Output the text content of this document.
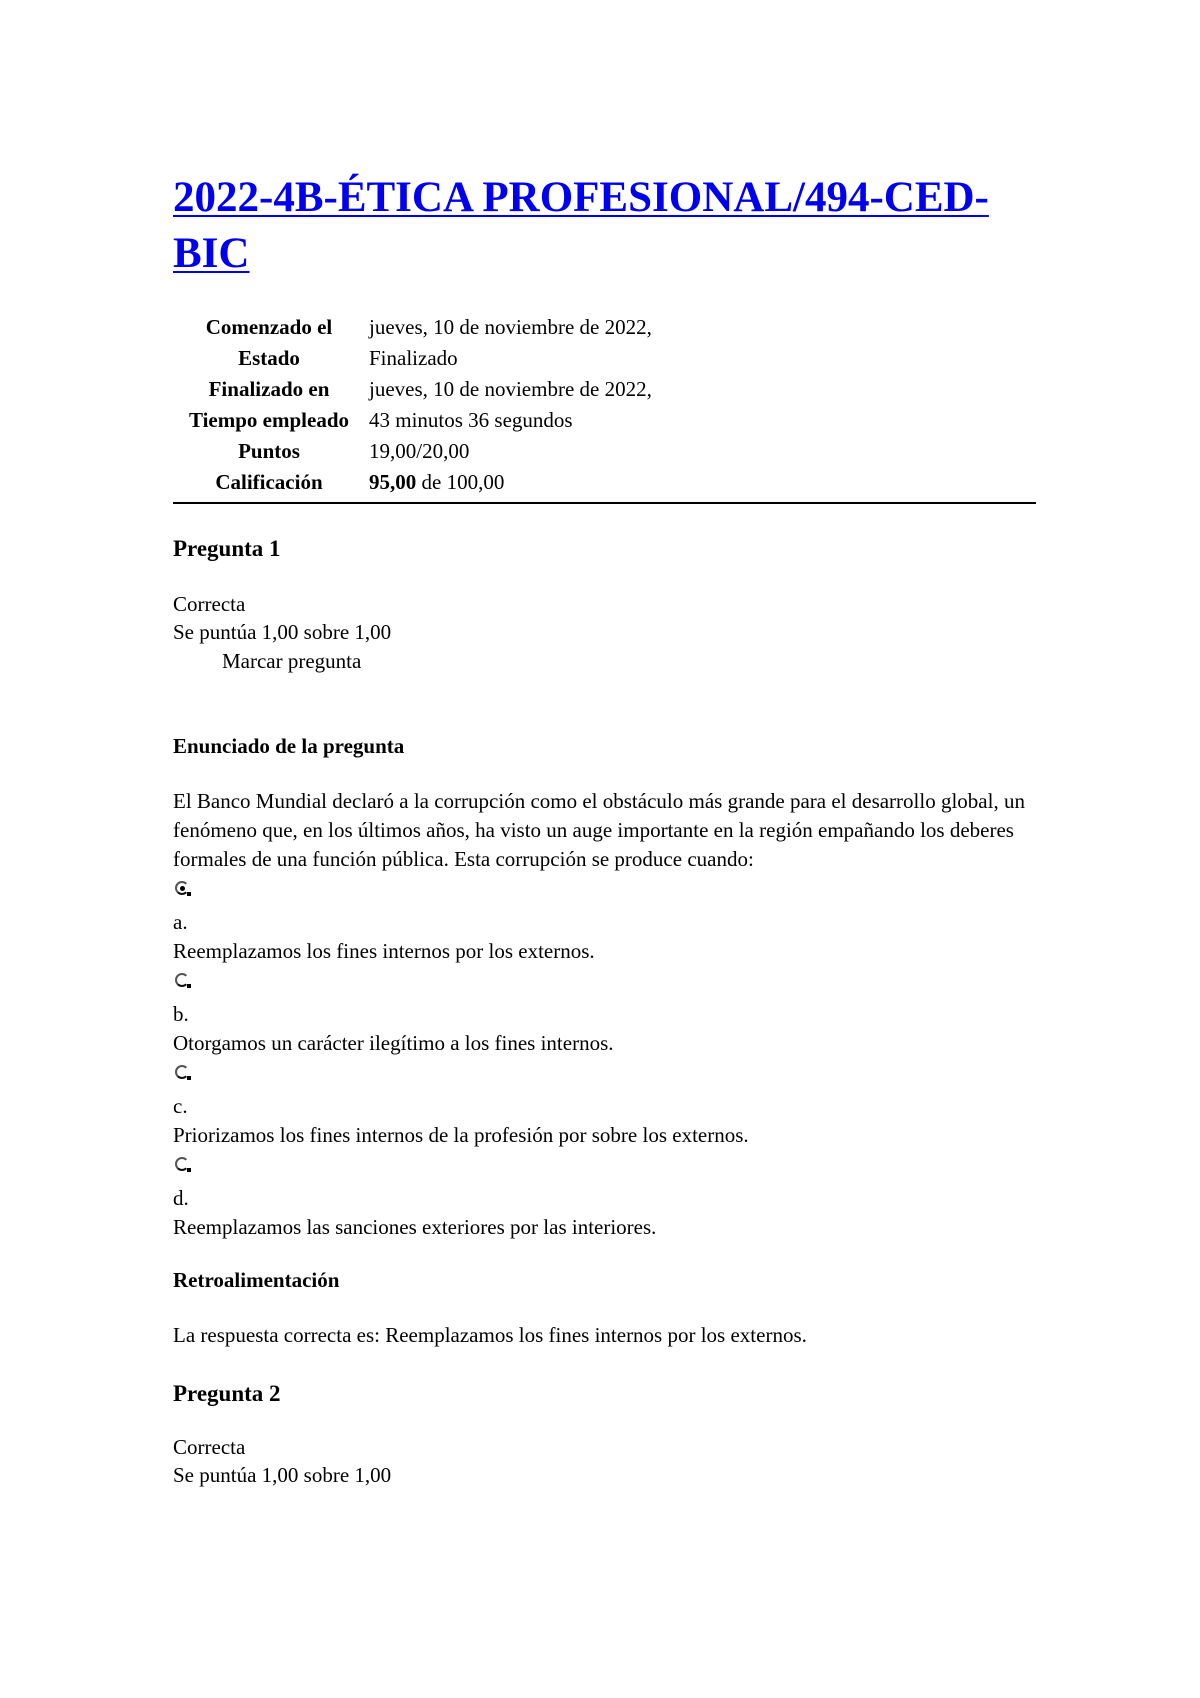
2022-4B-ÉTICA PROFESIONAL/494-CED-BIC
Comenzado el	jueves, 10 de noviembre de 2022,
Estado	Finalizado
Finalizado en	jueves, 10 de noviembre de 2022,
Tiempo empleado	43 minutos 36 segundos
Puntos	19,00/20,00
Calificación	95,00 de 100,00
Pregunta 1
Correcta
Se puntúa 1,00 sobre 1,00
Marcar pregunta
Enunciado de la pregunta
El Banco Mundial declaró a la corrupción como el obstáculo más grande para el desarrollo global, un fenómeno que, en los últimos años, ha visto un auge importante en la región empañando los deberes formales de una función pública. Esta corrupción se produce cuando:
a.
Reemplazamos los fines internos por los externos.
b.
Otorgamos un carácter ilegítimo a los fines internos.
c.
Priorizamos los fines internos de la profesión por sobre los externos.
d.
Reemplazamos las sanciones exteriores por las interiores.
Retroalimentación
La respuesta correcta es: Reemplazamos los fines internos por los externos.
Pregunta 2
Correcta
Se puntúa 1,00 sobre 1,00
